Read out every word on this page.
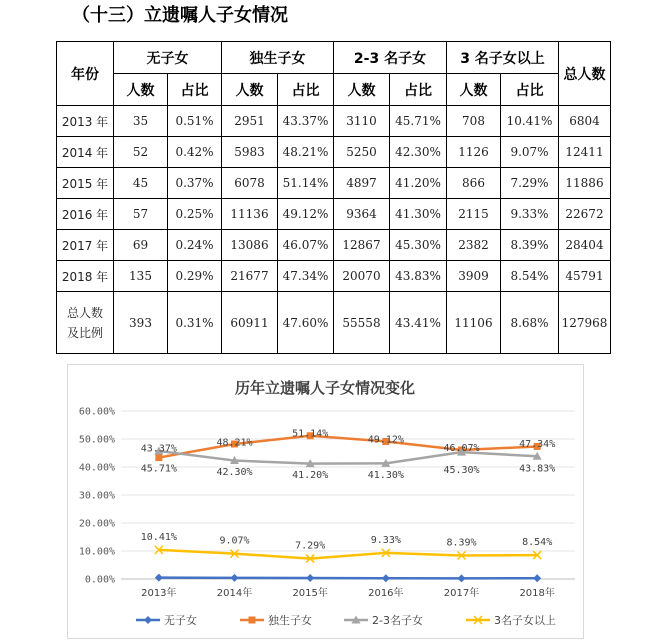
（十三）立遗嘱人子女情况
年份	无子女		独生子女		2-3 名子女		3 名子女以上		总人数
	人数	占比	人数	占比	人数	占比	人数	占比	
2013 年	35	0.51%	2951	43.37%	3110	45.71%	708	10.41%	6804
2014 年	52	0.42%	5983	48.21%	5250	42.30%	1126	9.07%	12411
2015 年	45	0.37%	6078	51.14%	4897	41.20%	866	7.29%	11886
2016 年	57	0.25%	11136	49.12%	9364	41.30%	2115	9.33%	22672
2017 年	69	0.24%	13086	46.07%	12867	45.30%	2382	8.39%	28404
2018 年	135	0.29%	21677	47.34%	20070	43.83%	3909	8.54%	45791
总人数
及比例	393	0.31%	60911	47.60%	55558	43.41%	11106	8.68%	127968
历年立遗嘱人子女情况变化
0.00%
10.00%
20.00%
30.00%
40.00%
50.00%
60.00%
2013年	2014年	2015年	2016年	2017年	2018年
43.37%
48.21%
51.14%
49.12%
46.07%	47.34%
45.71%	42.30%	41.20%	41.30%	45.30%	43.83%
10.41%	9.07%	7.29%
9.33%	8.39%	8.54%
无子女	独生子女	2-3名子女	3名子女以上
